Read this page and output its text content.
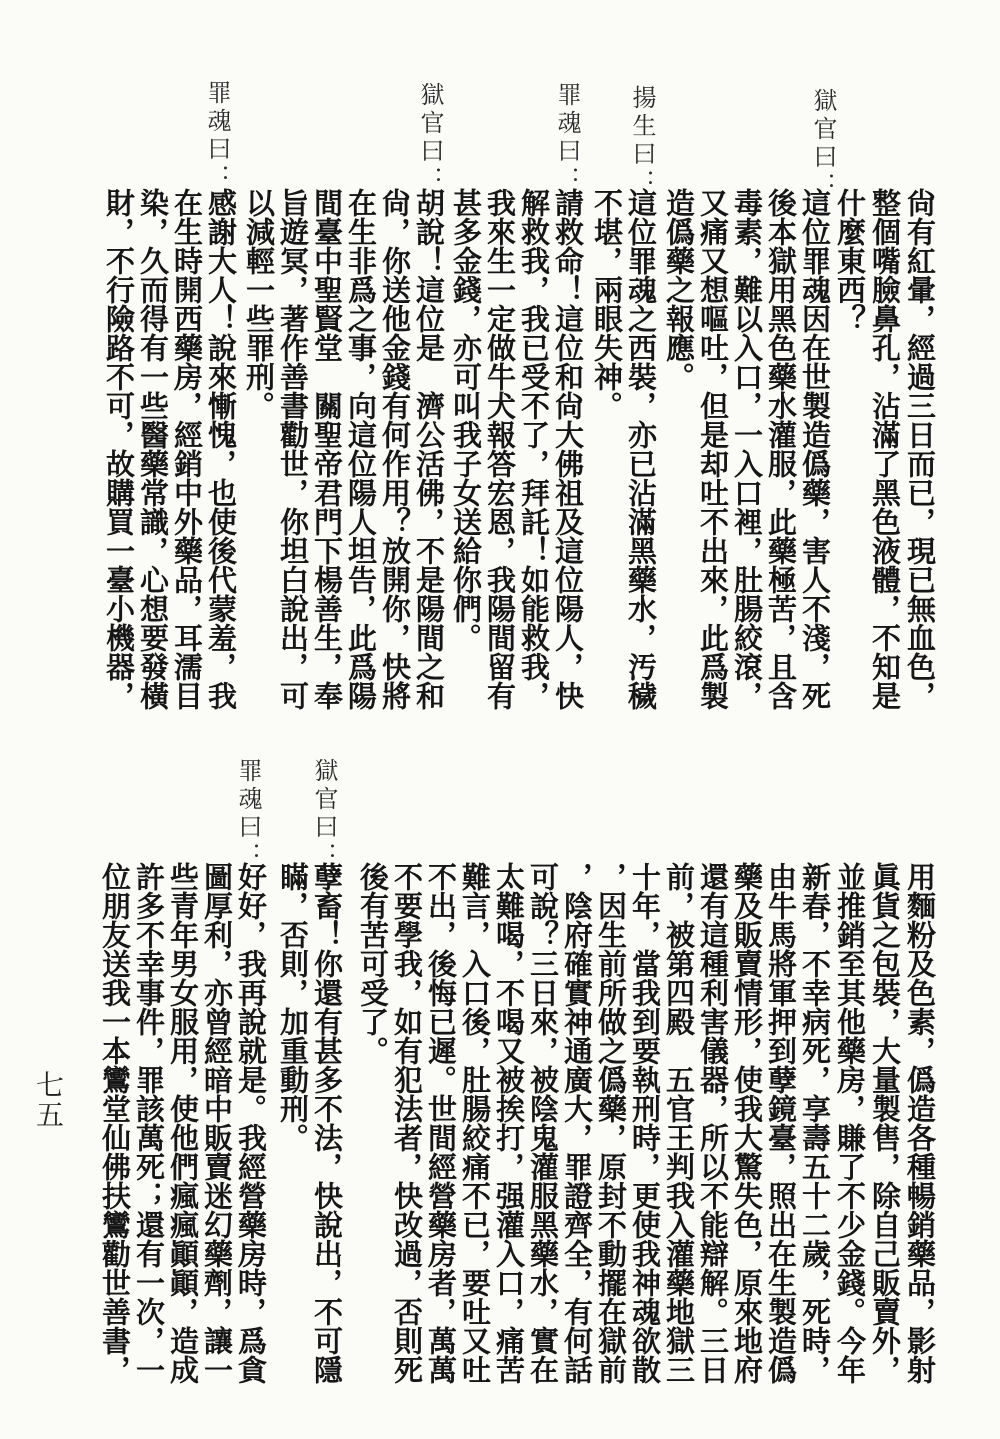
獄官曰：
揚生曰：
罪魂曰：
獄官曰：
罪魂曰：
尙有紅暈，經過三日而已，現已無血色，
整個嘴臉鼻孔，沾滿了黑色液體，不知是
什麼東西？
這位罪魂因在世製造僞藥，害人不淺，死
後本獄用黑色藥水灌服，此藥極苦，且含
毒素，難以入口，一入口裡，肚腸絞滾，
又痛又想嘔吐，但是却吐不出來，此爲製
造僞藥之報應。
這位罪魂之西裝，亦已沾滿黑藥水，汚穢
不堪，兩眼失神。
請救命！這位和尙大佛祖及這位陽人，快
解救我，我已受不了，拜託！如能救我，
我來生一定做牛犬報答宏恩，我陽間留有
甚多金錢，亦可叫我子女送給你們。
胡說！這位是　濟公活佛，不是陽間之和
尙，你送他金錢有何作用？放開你，快將
在生非爲之事，向這位陽人坦告，此爲陽
間臺中聖賢堂　關聖帝君門下楊善生，奉
旨遊冥，著作善書勸世，你坦白說出，可
以減輕一些罪刑。
感謝大人！說來慚愧，也使後代蒙羞，我
在生時開西藥房，經銷中外藥品，耳濡目
染，久而得有一些醫藥常識，心想要發橫
財，不行險路不可，故購買一臺小機器，
獄官曰：
罪魂曰：
用麵粉及色素，僞造各種暢銷藥品，影射
眞貨之包裝，大量製售，除自己販賣外，
並推銷至其他藥房，賺了不少金錢。今年
新春，不幸病死，享壽五十二歲，死時，
由牛馬將軍押到孽鏡臺，照出在生製造僞
藥及販賣情形，使我大驚失色，原來地府
還有這種利害儀器，所以不能辯解。三日
前，被第四殿　五官王判我入灌藥地獄三
十年，當我到要執刑時，更使我神魂欲散
，因生前所做之僞藥，原封不動擺在獄前
，陰府確實神通廣大，罪證齊全，有何話
可說？三日來，被陰鬼灌服黑藥水，實在
太難喝，不喝又被挨打，强灌入口，痛苦
難言，入口後，肚腸絞痛不已，要吐又吐
不出，後悔已遲。世間經營藥房者，萬萬
不要學我，如有犯法者，快改過，否則死
後有苦可受了。
孽畜！你還有甚多不法，快說出，不可隱
瞞，否則，加重動刑。
好好，我再說就是。我經營藥房時，爲貪
圖厚利，亦曾經暗中販賣迷幻藥劑，讓一
些青年男女服用，使他們瘋瘋顚顚，造成
許多不幸事件，罪該萬死；還有一次，一
位朋友送我一本鸞堂仙佛扶鸞勸世善書，
七五
